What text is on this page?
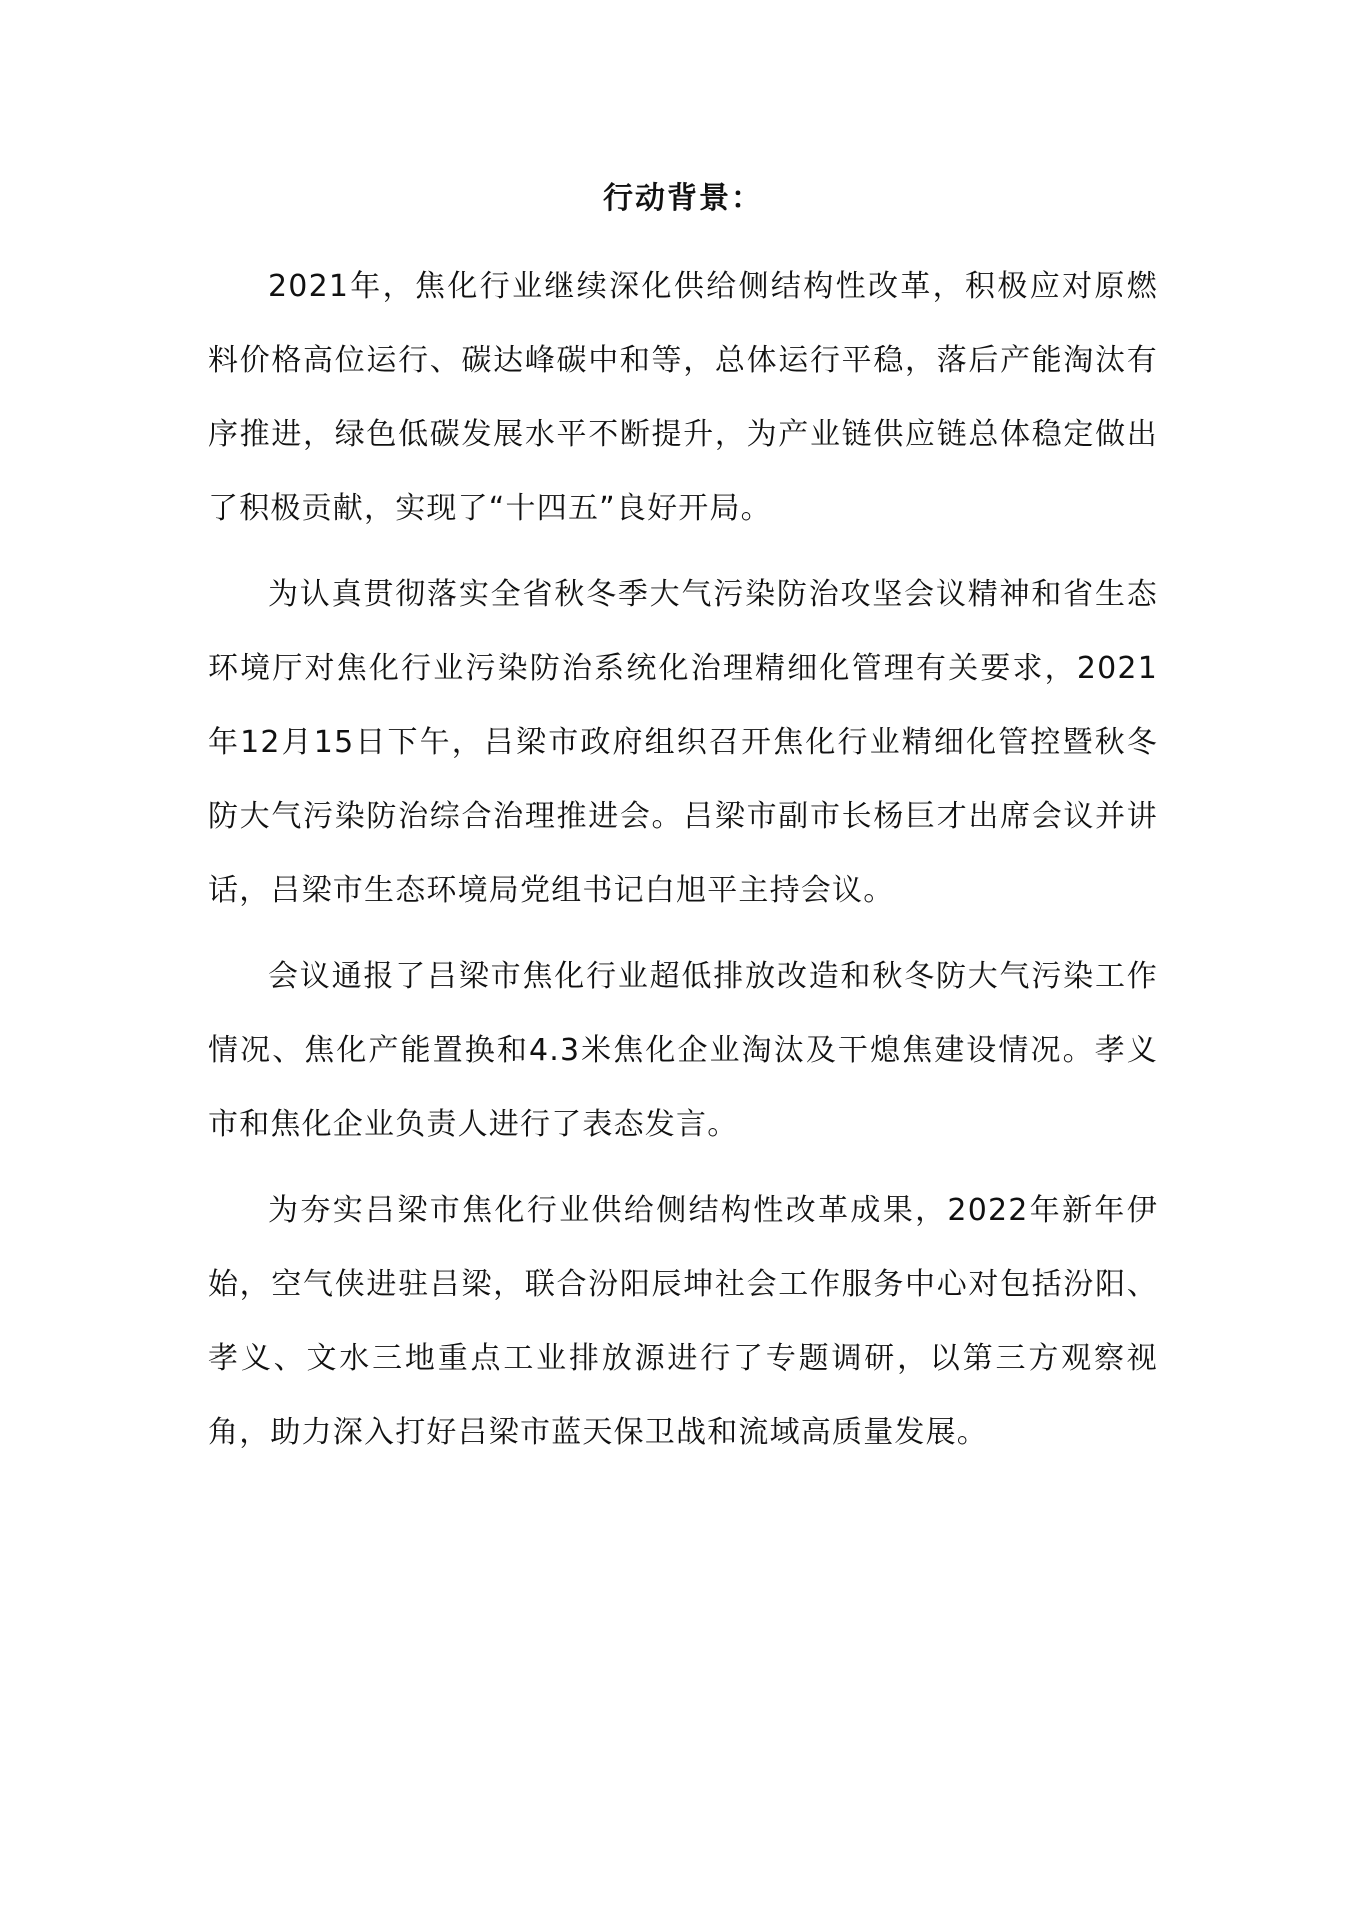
行动背景：

2021年，焦化行业继续深化供给侧结构性改革，积极应对原燃料价格高位运行、碳达峰碳中和等，总体运行平稳，落后产能淘汰有序推进，绿色低碳发展水平不断提升，为产业链供应链总体稳定做出了积极贡献，实现了“十四五”良好开局。

为认真贯彻落实全省秋冬季大气污染防治攻坚会议精神和省生态环境厅对焦化行业污染防治系统化治理精细化管理有关要求，2021年12月15日下午，吕梁市政府组织召开焦化行业精细化管控暨秋冬防大气污染防治综合治理推进会。吕梁市副市长杨巨才出席会议并讲话，吕梁市生态环境局党组书记白旭平主持会议。

会议通报了吕梁市焦化行业超低排放改造和秋冬防大气污染工作情况、焦化产能置换和4.3米焦化企业淘汰及干熄焦建设情况。孝义市和焦化企业负责人进行了表态发言。

为夯实吕梁市焦化行业供给侧结构性改革成果，2022年新年伊始，空气侠进驻吕梁，联合汾阳辰坤社会工作服务中心对包括汾阳、孝义、文水三地重点工业排放源进行了专题调研，以第三方观察视角，助力深入打好吕梁市蓝天保卫战和流域高质量发展。
